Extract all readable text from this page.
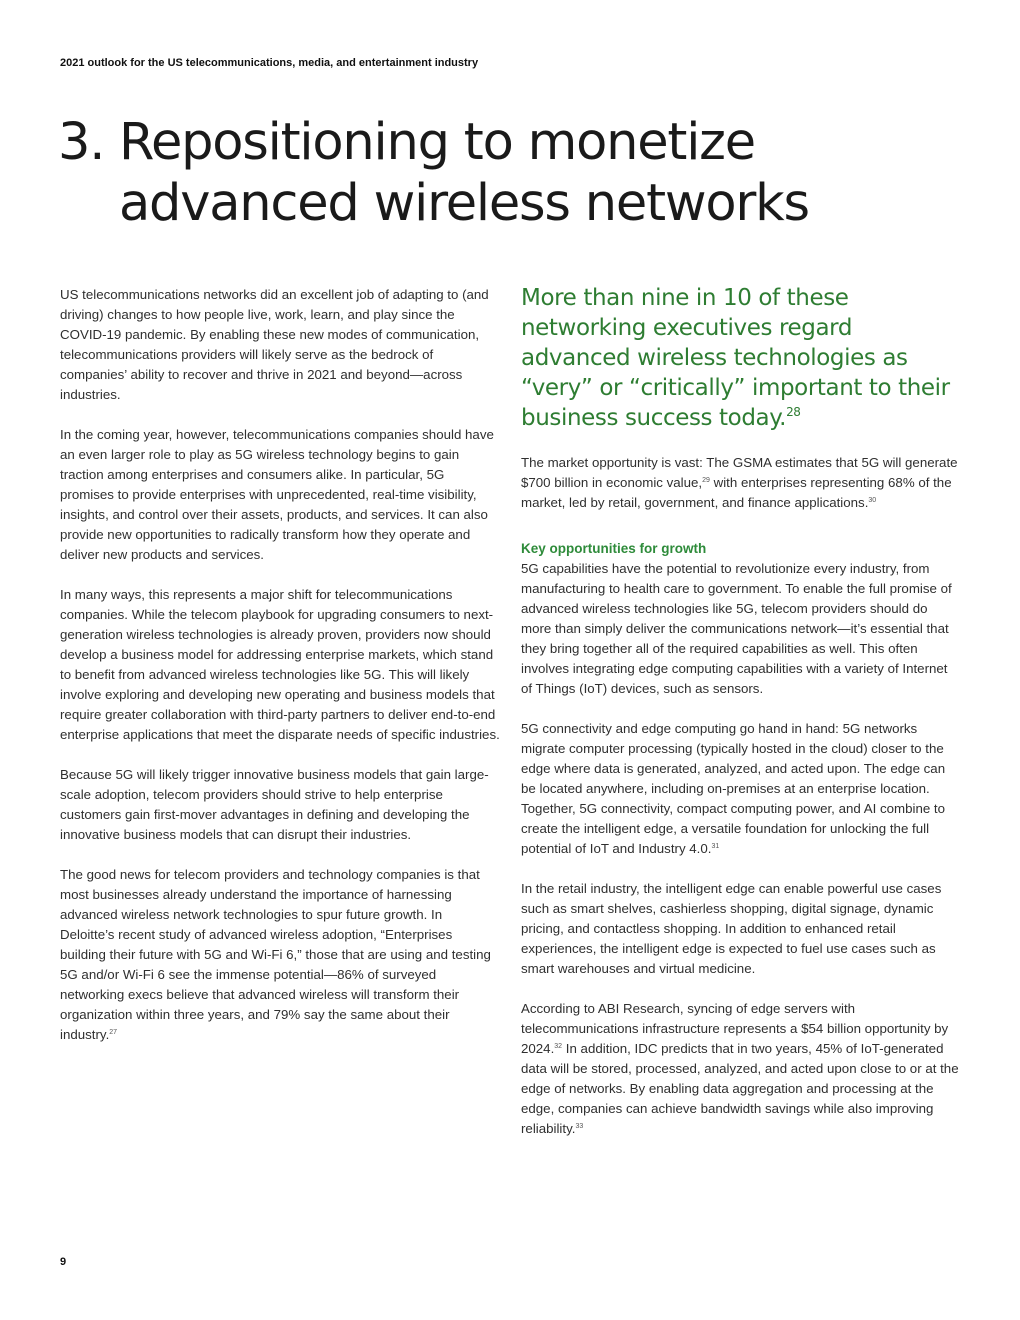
2021 outlook for the US telecommunications, media, and entertainment industry
3. Repositioning to monetize advanced wireless networks

US telecommunications networks did an excellent job of adapting to (and driving) changes to how people live, work, learn, and play since the COVID-19 pandemic. By enabling these new modes of communication, telecommunications providers will likely serve as the bedrock of companies’ ability to recover and thrive in 2021 and beyond—across industries.

In the coming year, however, telecommunications companies should have an even larger role to play as 5G wireless technology begins to gain traction among enterprises and consumers alike. In particular, 5G promises to provide enterprises with unprecedented, real-time visibility, insights, and control over their assets, products, and services. It can also provide new opportunities to radically transform how they operate and deliver new products and services.

In many ways, this represents a major shift for telecommunications companies. While the telecom playbook for upgrading consumers to next-generation wireless technologies is already proven, providers now should develop a business model for addressing enterprise markets, which stand to benefit from advanced wireless technologies like 5G. This will likely involve exploring and developing new operating and business models that require greater collaboration with third-party partners to deliver end-to-end enterprise applications that meet the disparate needs of specific industries.

Because 5G will likely trigger innovative business models that gain large-scale adoption, telecom providers should strive to help enterprise customers gain first-mover advantages in defining and developing the innovative business models that can disrupt their industries.

The good news for telecom providers and technology companies is that most businesses already understand the importance of harnessing advanced wireless network technologies to spur future growth. In Deloitte’s recent study of advanced wireless adoption, “Enterprises building their future with 5G and Wi-Fi 6,” those that are using and testing 5G and/or Wi-Fi 6 see the immense potential—86% of surveyed networking execs believe that advanced wireless will transform their organization within three years, and 79% say the same about their industry.$^{27}$

More than nine in 10 of these networking executives regard advanced wireless technologies as “very” or “critically” important to their business success today.$^{28}$

The market opportunity is vast: The GSMA estimates that 5G will generate $700 billion in economic value,$^{29}$ with enterprises representing 68% of the market, led by retail, government, and finance applications.$^{30}$

Key opportunities for growth

5G capabilities have the potential to revolutionize every industry, from manufacturing to health care to government. To enable the full promise of advanced wireless technologies like 5G, telecom providers should do more than simply deliver the communications network—it’s essential that they bring together all of the required capabilities as well. This often involves integrating edge computing capabilities with a variety of Internet of Things (IoT) devices, such as sensors.

5G connectivity and edge computing go hand in hand: 5G networks migrate computer processing (typically hosted in the cloud) closer to the edge where data is generated, analyzed, and acted upon. The edge can be located anywhere, including on-premises at an enterprise location. Together, 5G connectivity, compact computing power, and AI combine to create the intelligent edge, a versatile foundation for unlocking the full potential of IoT and Industry 4.0.31

In the retail industry, the intelligent edge can enable powerful use cases such as smart shelves, cashierless shopping, digital signage, dynamic pricing, and contactless shopping. In addition to enhanced retail experiences, the intelligent edge is expected to fuel use cases such as smart warehouses and virtual medicine.

According to ABI Research, syncing of edge servers with telecommunications infrastructure represents a $54 billion opportunity by 2024.32 In addition, IDC predicts that in two years, 45% of IoT-generated data will be stored, processed, analyzed, and acted upon close to or at the edge of networks. By enabling data aggregation and processing at the edge, companies can achieve bandwidth savings while also improving reliability.$^{33}$

9
